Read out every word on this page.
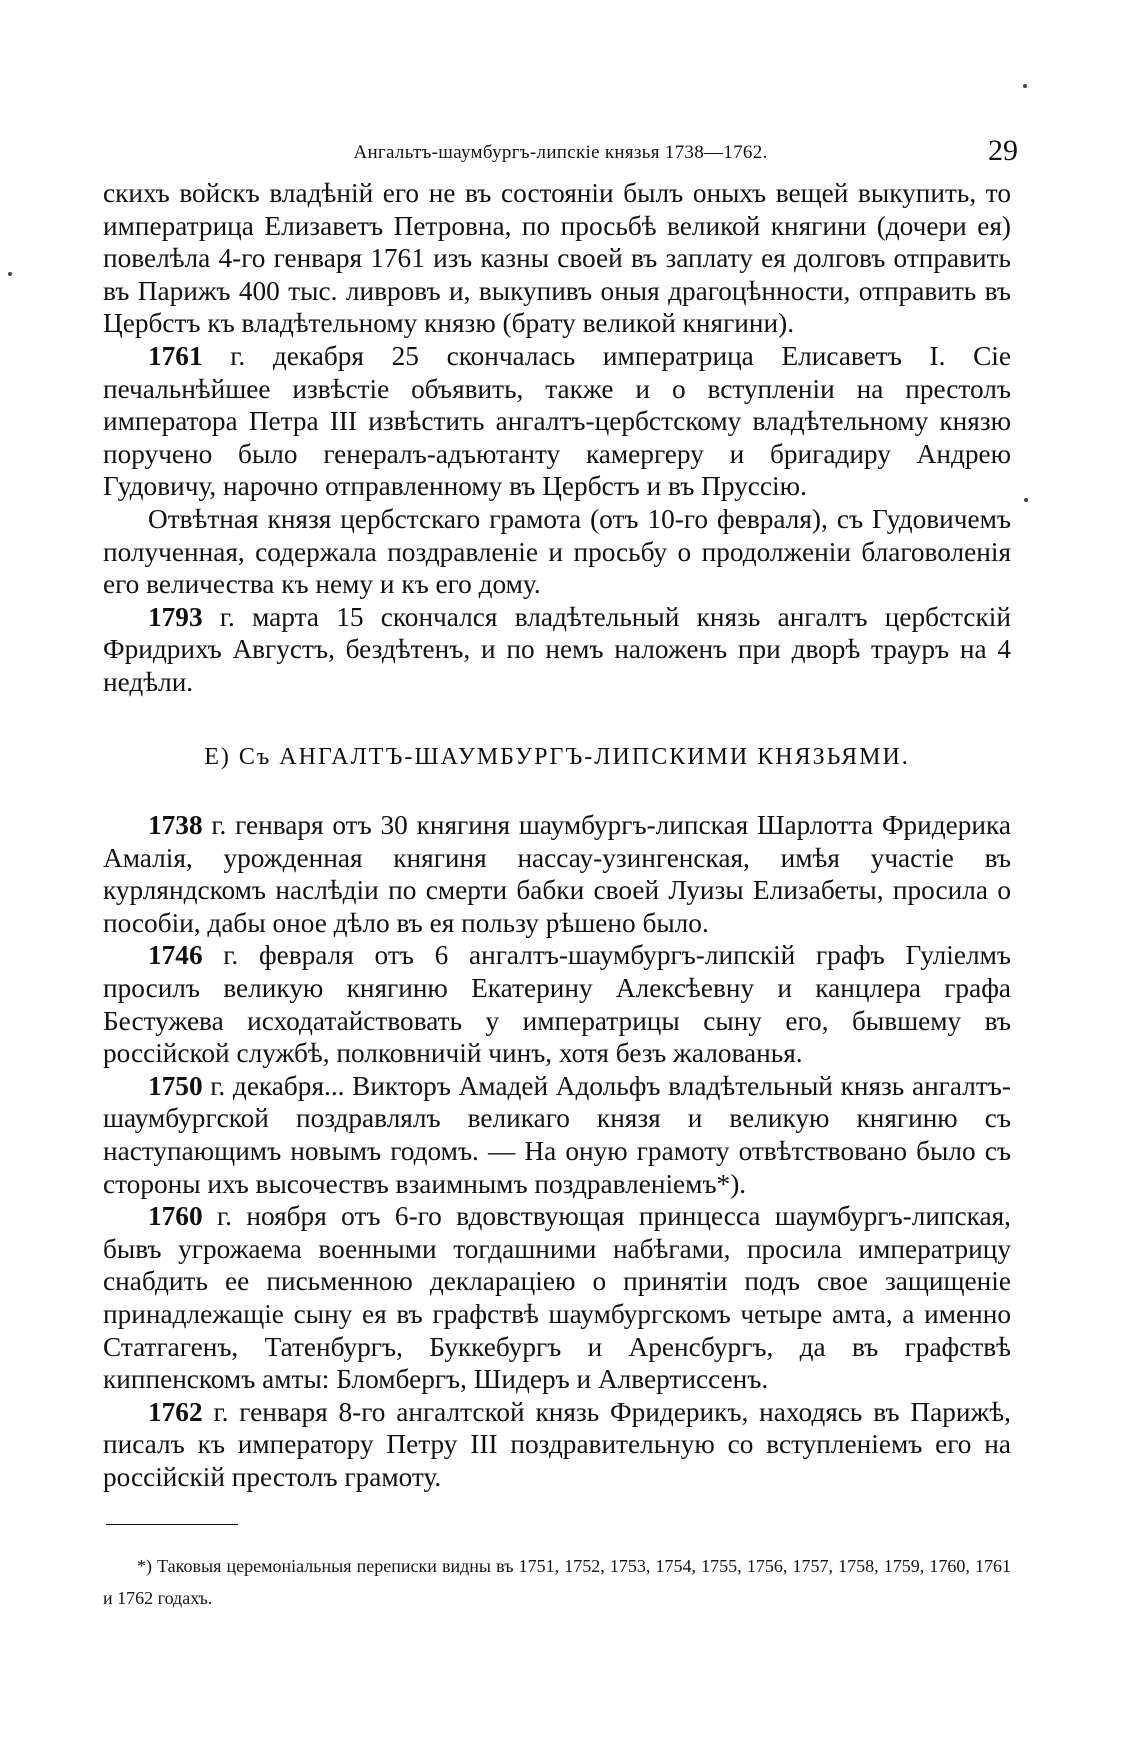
Ангальтъ-шаумбургъ-липскіе князья 1738—1762.	29

скихъ войскъ владѣній его не въ состояніи былъ оныхъ вещей выкупить, то императрица Елизаветъ Петровна, по просьбѣ великой княгини (дочери ея) повелѣла 4-го генваря 1761 изъ казны своей въ заплату ея долговъ отправить въ Парижъ 400 тыс. ливровъ и, выкупивъ оныя драгоцѣнности, отправить въ Цербстъ къ владѣтельному князю (брату великой княгини).

1761 г. декабря 25 скончалась императрица Елисаветъ I. Сіе печальнѣйшее извѣстіе объявить, также и о вступленіи на престолъ императора Петра III извѣстить ангалтъ-цербстскому владѣтельному князю поручено было генералъ-адъютанту камергеру и бригадиру Андрею Гудовичу, нарочно отправленному въ Цербстъ и въ Пруссію.

Отвѣтная князя цербстскаго грамота (отъ 10-го февраля), съ Гудовичемъ полученная, содержала поздравленіе и просьбу о продолженіи благоволенія его величества къ нему и къ его дому.

1793 г. марта 15 скончался владѣтельный князь ангалтъ цербстскій Фридрихъ Августъ, бездѣтенъ, и по немъ наложенъ при дворѣ трауръ на 4 недѣли.

E) Съ АНГАЛТЪ-ШАУМБУРГЪ-ЛИПСКИМИ КНЯЗЬЯМИ.

1738 г. генваря отъ 30 княгиня шаумбургъ-липская Шарлотта Фридерика Амалія, урожденная княгиня нассау-узингенская, имѣя участіе въ курляндскомъ наслѣдіи по смерти бабки своей Луизы Елизабеты, просила о пособіи, дабы оное дѣло въ ея пользу рѣшено было.

1746 г. февраля отъ 6 ангалтъ-шаумбургъ-липскій графъ Гуліелмъ просилъ великую княгиню Екатерину Алексѣевну и канцлера графа Бестужева исходатайствовать у императрицы сыну его, бывшему въ россійской службѣ, полковничій чинъ, хотя безъ жалованья.

1750 г. декабря... Викторъ Амадей Адольфъ владѣтельный князь ангалтъ-шаумбургской поздравлялъ великаго князя и великую княгиню съ наступающимъ новымъ годомъ. — На оную грамоту отвѣтствовано было съ стороны ихъ высочествъ взаимнымъ поздравленіемъ*).

1760 г. ноября отъ 6-го вдовствующая принцесса шаумбургъ-липская, бывъ угрожаема военными тогдашними набѣгами, просила императрицу снабдить ее письменною деклараціею о принятіи подъ свое защищеніе принадлежащіе сыну ея въ графствѣ шаумбургскомъ четыре амта, а именно Статгагенъ, Татенбургъ, Буккебургъ и Аренсбургъ, да въ графствѣ киппенскомъ амты: Бломбергъ, Шидеръ и Алвертиссенъ.

1762 г. генваря 8-го ангалтской князь Фридерикъ, находясь въ Парижѣ, писалъ къ императору Петру III поздравительную со вступленіемъ его на россійскій престолъ грамоту.

*) Таковыя церемоніальныя переписки видны въ 1751, 1752, 1753, 1754, 1755, 1756, 1757, 1758, 1759, 1760, 1761 и 1762 годахъ.
